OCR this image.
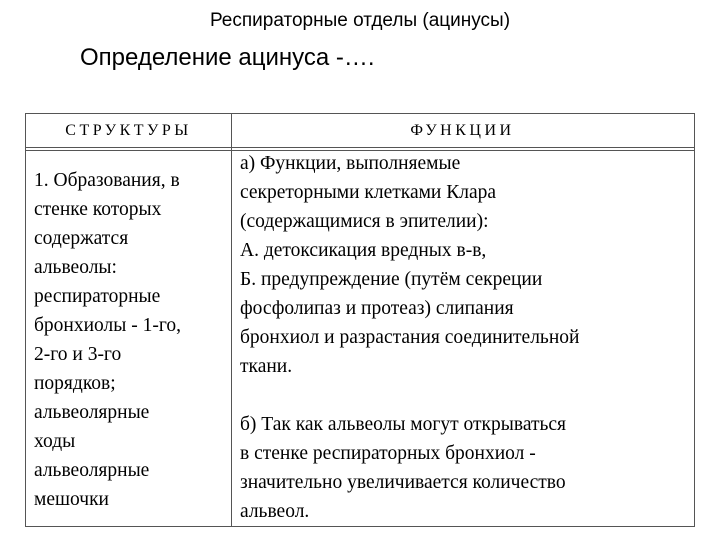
Респираторные отделы (ацинусы)
Определение ацинуса -….
СТРУКТУРЫ	ФУНКЦИИ

1. Образования, в

стенке которых

содержатся

альвеолы:

респираторные

бронхиолы - 1-го,

2-го и 3-го

порядков;

альвеолярные

ходы

альвеолярные

мешочки

а) Функции, выполняемые

секреторными клетками Клара

(содержащимися в эпителии):

А. детоксикация вредных в-в,

Б. предупреждение (путём секреции

фосфолипаз и протеаз) слипания

бронхиол и разрастания соединительной

ткани.

б) Так как альвеолы могут открываться

в стенке респираторных бронхиол -

значительно увеличивается количество

альвеол.
